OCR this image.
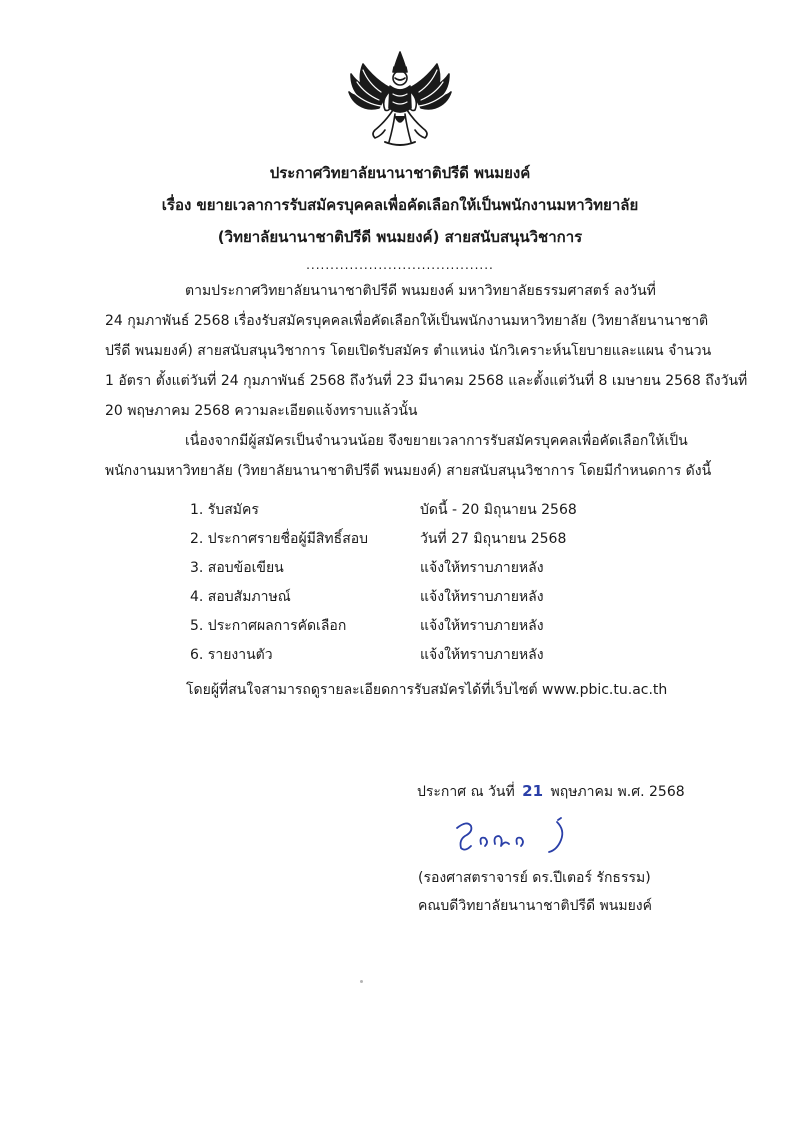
ประกาศวิทยาลัยนานาชาติปรีดี พนมยงค์
เรื่อง ขยายเวลาการรับสมัครบุคคลเพื่อคัดเลือกให้เป็นพนักงานมหาวิทยาลัย
(วิทยาลัยนานาชาติปรีดี พนมยงค์) สายสนับสนุนวิชาการ
.......................................
ตามประกาศวิทยาลัยนานาชาติปรีดี พนมยงค์ มหาวิทยาลัยธรรมศาสตร์ ลงวันที่
24 กุมภาพันธ์ 2568 เรื่องรับสมัครบุคคลเพื่อคัดเลือกให้เป็นพนักงานมหาวิทยาลัย (วิทยาลัยนานาชาติ
ปรีดี พนมยงค์) สายสนับสนุนวิชาการ โดยเปิดรับสมัคร ตำแหน่ง นักวิเคราะห์นโยบายและแผน จำนวน
1 อัตรา ตั้งแต่วันที่ 24 กุมภาพันธ์ 2568 ถึงวันที่ 23 มีนาคม 2568 และตั้งแต่วันที่ 8 เมษายน 2568 ถึงวันที่
20 พฤษภาคม 2568 ความละเอียดแจ้งทราบแล้วนั้น
เนื่องจากมีผู้สมัครเป็นจำนวนน้อย จึงขยายเวลาการรับสมัครบุคคลเพื่อคัดเลือกให้เป็น
พนักงานมหาวิทยาลัย (วิทยาลัยนานาชาติปรีดี พนมยงค์) สายสนับสนุนวิชาการ โดยมีกำหนดการ ดังนี้
1. รับสมัคร	บัดนี้ - 20 มิถุนายน 2568
2. ประกาศรายชื่อผู้มีสิทธิ์สอบ	วันที่ 27 มิถุนายน 2568
3. สอบข้อเขียน	แจ้งให้ทราบภายหลัง
4. สอบสัมภาษณ์	แจ้งให้ทราบภายหลัง
5. ประกาศผลการคัดเลือก	แจ้งให้ทราบภายหลัง
6. รายงานตัว	แจ้งให้ทราบภายหลัง
โดยผู้ที่สนใจสามารถดูรายละเอียดการรับสมัครได้ที่เว็บไซต์ www.pbic.tu.ac.th
ประกาศ ณ วันที่ 21 พฤษภาคม พ.ศ. 2568
(รองศาสตราจารย์ ดร.ปีเตอร์ รักธรรม)
คณบดีวิทยาลัยนานาชาติปรีดี พนมยงค์
